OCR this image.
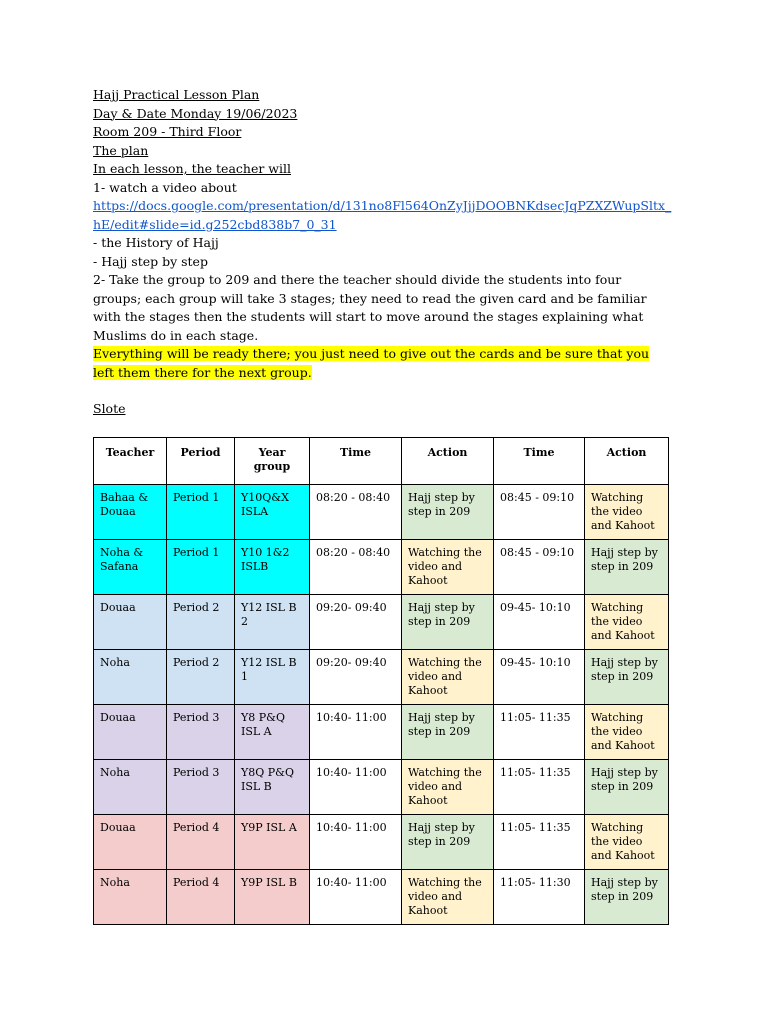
Hajj Practical Lesson Plan
Day & Date Monday 19/06/2023
Room 209 - Third Floor
The plan
In each lesson, the teacher will
1- watch a video about
https://docs.google.com/presentation/d/131no8Fl564OnZyJjjDOOBNKdsecJqPZXZWupSltx_hE/edit#slide=id.g252cbd838b7_0_31
- the History of Hajj
- Hajj step by step
2- Take the group to 209 and there the teacher should divide the students into four groups; each group will take 3 stages; they need to read the given card and be familiar with the stages then the students will start to move around the stages explaining what Muslims do in each stage.
Everything will be ready there; you just need to give out the cards and be sure that you left them there for the next group.
Slote
Teacher	Period	Year group	Time	Action	Time	Action
Bahaa & Douaa	Period 1	Y10Q&X ISLA	08:20 - 08:40	Hajj step by step in 209	08:45 - 09:10	Watching the video and Kahoot
Noha & Safana	Period 1	Y10 1&2 ISLB	08:20 - 08:40	Watching the video and Kahoot	08:45 - 09:10	Hajj step by step in 209
Douaa	Period 2	Y12 ISL B 2	09:20- 09:40	Hajj step by step in 209	09-45- 10:10	Watching the video and Kahoot
Noha	Period 2	Y12 ISL B 1	09:20- 09:40	Watching the video and Kahoot	09-45- 10:10	Hajj step by step in 209
Douaa	Period 3	Y8 P&Q ISL A	10:40- 11:00	Hajj step by step in 209	11:05- 11:35	Watching the video and Kahoot
Noha	Period 3	Y8Q P&Q ISL B	10:40- 11:00	Watching the video and Kahoot	11:05- 11:35	Hajj step by step in 209
Douaa	Period 4	Y9P ISL A	10:40- 11:00	Hajj step by step in 209	11:05- 11:35	Watching the video and Kahoot
Noha	Period 4	Y9P ISL B	10:40- 11:00	Watching the video and Kahoot	11:05- 11:30	Hajj step by step in 209
